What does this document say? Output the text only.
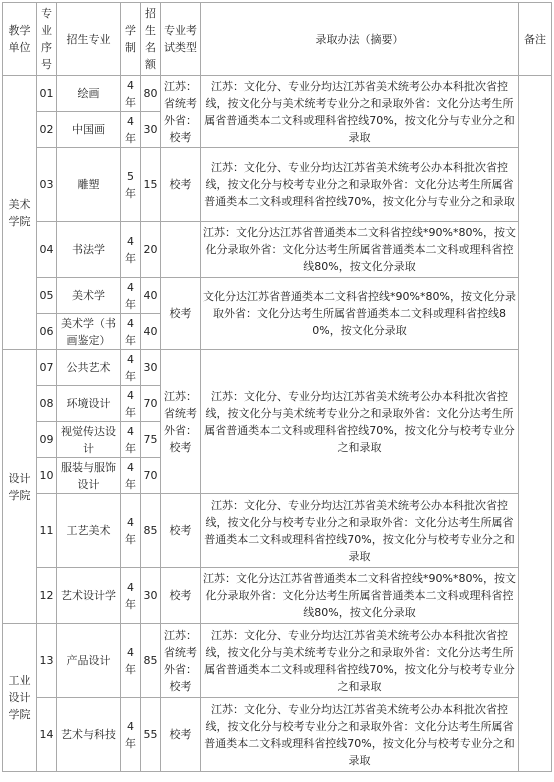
教学单位	专业序号	招生专业	学制	招生名额	专业考试类型	录取办法（摘要）	备注
美术学院	01	绘画	4年	80	江苏：省统考外省：校考	江苏：文化分、专业分均达江苏省美术统考公办本科批次省控线，按文化分与美术统考专业分之和录取外省：文化分达考生所属省普通类本二文科或理科省控线70%，按文化分与专业分之和录取	
	02	中国画	4年	30			
	03	雕塑	5年	15	校考	江苏：文化分、专业分均达江苏省美术统考公办本科批次省控线，按文化分与校考专业分之和录取外省：文化分达考生所属省普通类本二文科或理科省控线70%，按文化分与专业分之和录取	
	04	书法学	4年	20		江苏：文化分达江苏省普通类本二文科省控线*90%*80%，按文化分录取外省：文化分达考生所属省普通类本二文科或理科省控线80%，按文化分录取	
	05	美术学	4年	40	校考	文化分达江苏省普通类本二文科省控线*90%*80%，按文化分录取外省：文化分达考生所属省普通类本二文科或理科省控线80%，按文化分录取	
	06	美术学（书画鉴定）	4年	40			
设计学院	07	公共艺术	4年	30	江苏：省统考外省：校考	江苏：文化分、专业分均达江苏省美术统考公办本科批次省控线，按文化分与美术统考专业分之和录取外省：文化分达考生所属省普通类本二文科或理科省控线70%，按文化分与校考专业分之和录取	
	08	环境设计	4年	70			
	09	视觉传达设计	4年	75			
	10	服装与服饰设计	4年	70			
	11	工艺美术	4年	85	校考	江苏：文化分、专业分均达江苏省美术统考公办本科批次省控线，按文化分与校考专业分之和录取外省：文化分达考生所属省普通类本二文科或理科省控线70%，按文化分与校考专业分之和录取	
	12	艺术设计学	4年	30	校考	江苏：文化分达江苏省普通类本二文科省控线*90%*80%，按文化分录取外省：文化分达考生所属省普通类本二文科或理科省控线80%，按文化分录取	
工业设计学院	13	产品设计	4年	85	江苏：省统考外省：校考	江苏：文化分、专业分均达江苏省美术统考公办本科批次省控线，按文化分与美术统考专业分之和录取外省：文化分达考生所属省普通类本二文科或理科省控线70%，按文化分与校考专业分之和录取	
	14	艺术与科技	4年	55	校考	江苏：文化分、专业分均达江苏省美术统考公办本科批次省控线，按文化分与校考专业分之和录取外省：文化分达考生所属省普通类本二文科或理科省控线70%，按文化分与校考专业分之和录取	
